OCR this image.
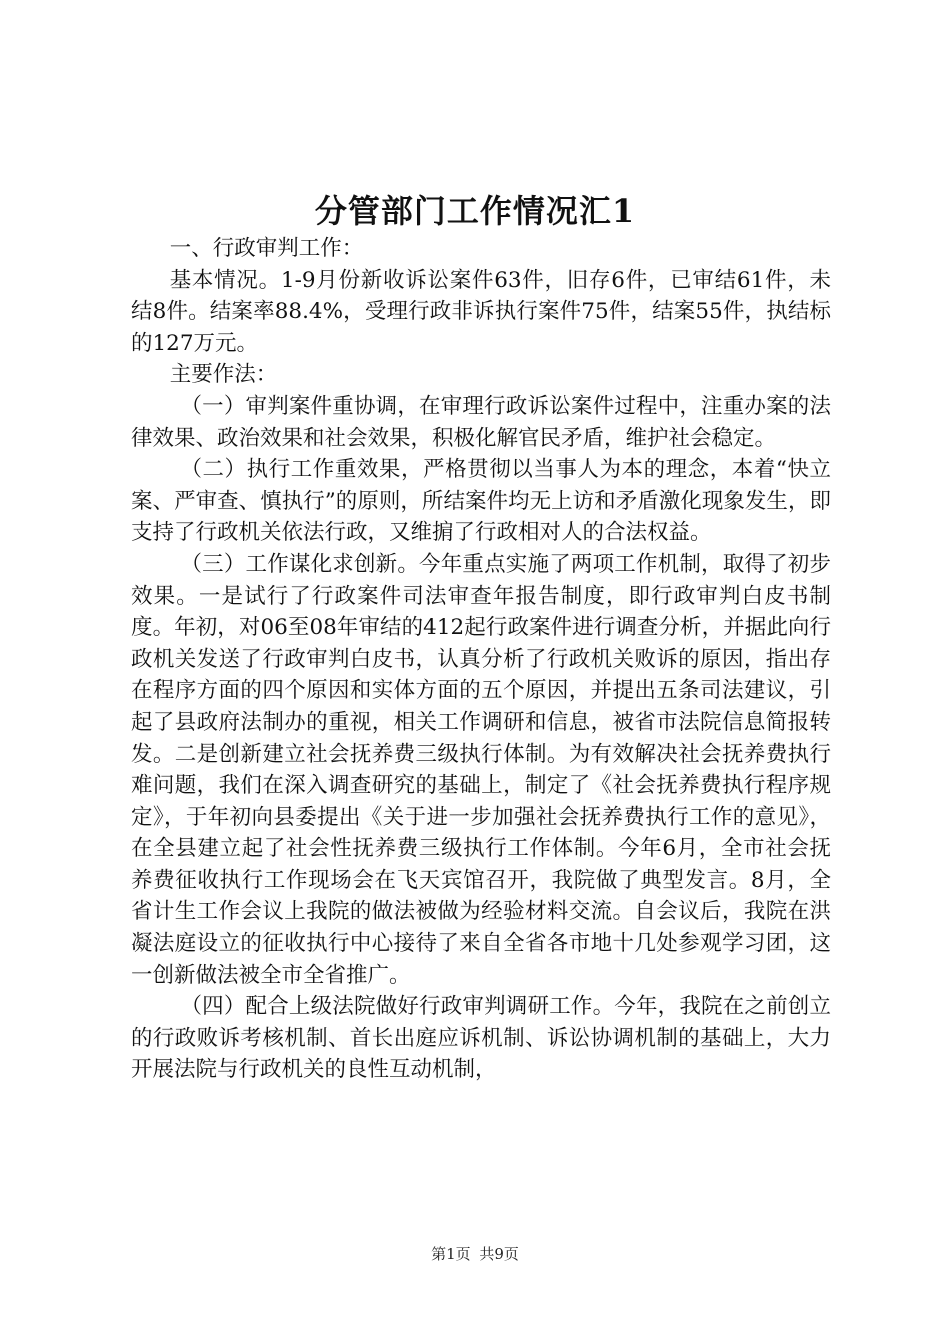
分管部门工作情况汇1

一、行政审判工作：

基本情况。1-9月份新收诉讼案件63件，旧存6件，已审结61件，未结8件。结案率88.4%，受理行政非诉执行案件75件，结案55件，执结标的127万元。

主要作法：

（一）审判案件重协调，在审理行政诉讼案件过程中，注重办案的法律效果、政治效果和社会效果，积极化解官民矛盾，维护社会稳定。

（二）执行工作重效果，严格贯彻以当事人为本的理念，本着“快立案、严审查、慎执行”的原则，所结案件均无上访和矛盾激化现象发生，即支持了行政机关依法行政，又维掮了行政相对人的合法权益。

（三）工作谋化求创新。今年重点实施了两项工作机制，取得了初步效果。一是试行了行政案件司法审查年报告制度，即行政审判白皮书制度。年初，对06至08年审结的412起行政案件进行调查分析，并据此向行政机关发送了行政审判白皮书，认真分析了行政机关败诉的原因，指出存在程序方面的四个原因和实体方面的五个原因，并提出五条司法建议，引起了县政府法制办的重视，相关工作调研和信息，被省市法院信息简报转发。二是创新建立社会抚养费三级执行体制。为有效解决社会抚养费执行难问题，我们在深入调查研究的基础上，制定了《社会抚养费执行程序规定》，于年初向县委提出《关于进一步加强社会抚养费执行工作的意见》，在全县建立起了社会性抚养费三级执行工作体制。今年6月，全市社会抚养费征收执行工作现场会在飞天宾馆召开，我院做了典型发言。8月，全省计生工作会议上我院的做法被做为经验材料交流。自会议后，我院在洪凝法庭设立的征收执行中心接待了来自全省各市地十几处参观学习团，这一创新做法被全市全省推广。

（四）配合上级法院做好行政审判调研工作。今年，我院在之前创立的行政败诉考核机制、首长出庭应诉机制、诉讼协调机制的基础上，大力开展法院与行政机关的良性互动机制，

第1页 共9页
